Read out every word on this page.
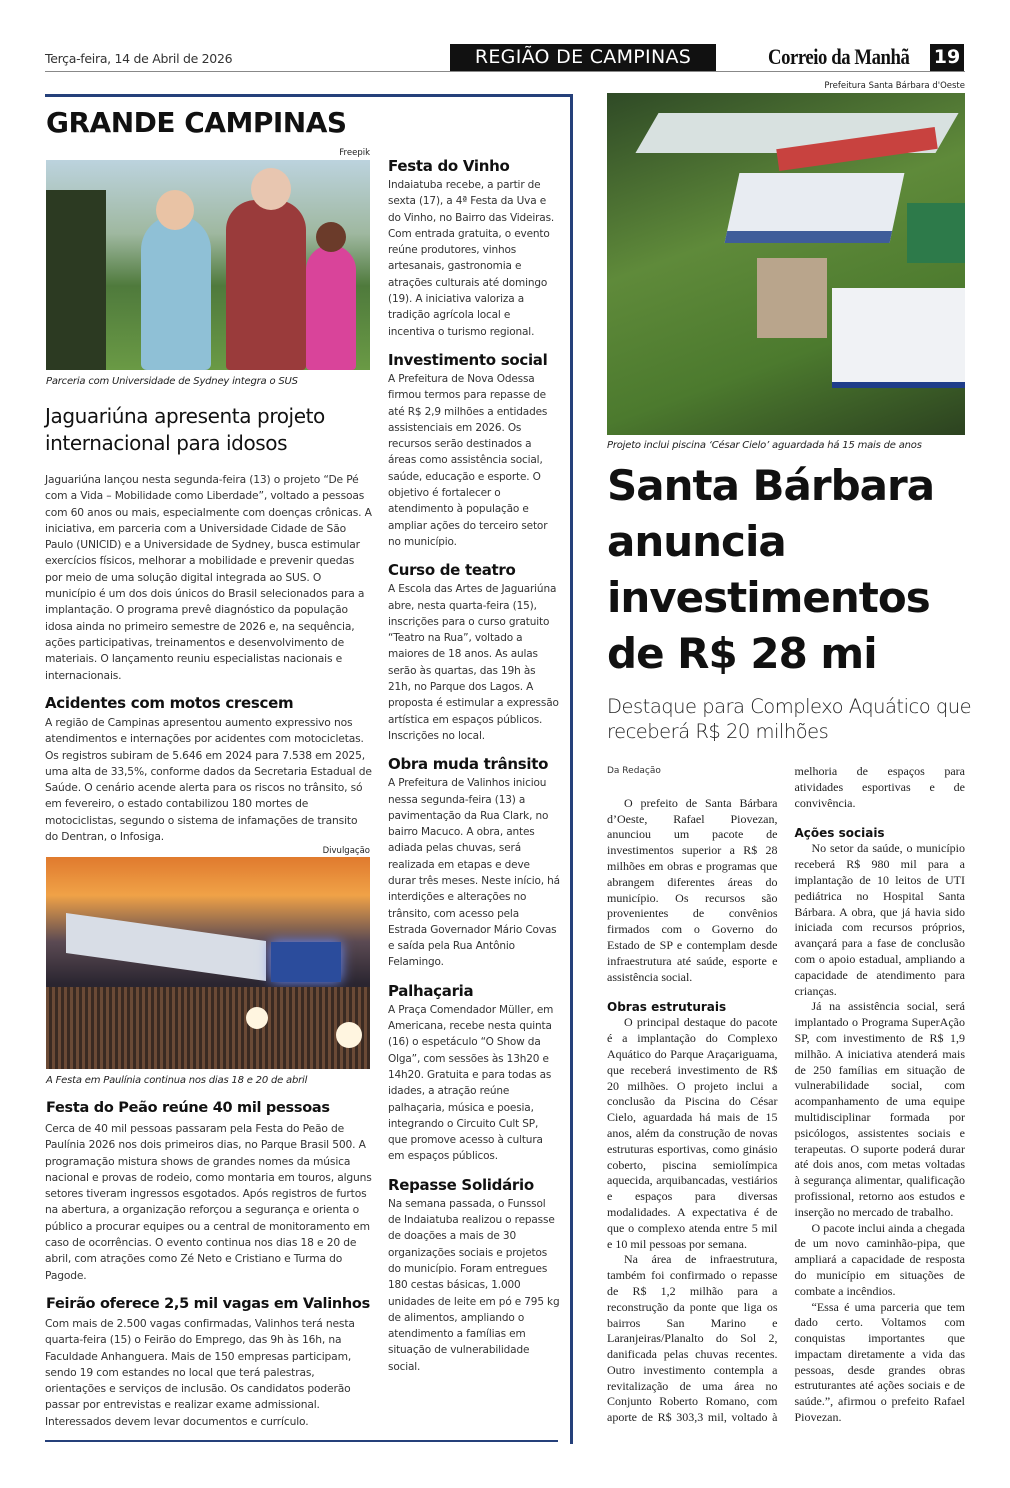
Terça-feira, 14 de Abril de 2026	REGIÃO DE CAMPINAS	Correio da Manhã 19
GRANDE CAMPINAS
Freepik
Parceria com Universidade de Sydney integra o SUS
Jaguariúna apresenta projeto internacional para idosos
Jaguariúna lançou nesta segunda-feira (13) o projeto “De Pé com a Vida – Mobilidade como Liberdade”, voltado a pessoas com 60 anos ou mais, especialmente com doenças crônicas. A iniciativa, em parceria com a Universidade Cidade de São Paulo (UNICID) e a Universidade de Sydney, busca estimular exercícios físicos, melhorar a mobilidade e prevenir quedas por meio de uma solução digital integrada ao SUS. O município é um dos dois únicos do Brasil selecionados para a implantação. O programa prevê diagnóstico da população idosa ainda no primeiro semestre de 2026 e, na sequência, ações participativas, treinamentos e desenvolvimento de materiais. O lançamento reuniu especialistas nacionais e internacionais.
Acidentes com motos crescem
A região de Campinas apresentou aumento expressivo nos atendimentos e internações por acidentes com motocicletas. Os registros subiram de 5.646 em 2024 para 7.538 em 2025, uma alta de 33,5%, conforme dados da Secretaria Estadual de Saúde. O cenário acende alerta para os riscos no trânsito, só em fevereiro, o estado contabilizou 180 mortes de motociclistas, segundo o sistema de infamações de transito do Dentran, o Infosiga.
Divulgação
A Festa em Paulínia continua nos dias 18 e 20 de abril
Festa do Peão reúne 40 mil pessoas
Cerca de 40 mil pessoas passaram pela Festa do Peão de Paulínia 2026 nos dois primeiros dias, no Parque Brasil 500. A programação mistura shows de grandes nomes da música nacional e provas de rodeio, como montaria em touros, alguns setores tiveram ingressos esgotados. Após registros de furtos na abertura, a organização reforçou a segurança e orienta o público a procurar equipes ou a central de monitoramento em caso de ocorrências. O evento continua nos dias 18 e 20 de abril, com atrações como Zé Neto e Cristiano e Turma do Pagode.
Feirão oferece 2,5 mil vagas em Valinhos
Com mais de 2.500 vagas confirmadas, Valinhos terá nesta quarta-feira (15) o Feirão do Emprego, das 9h às 16h, na Faculdade Anhanguera. Mais de 150 empresas participam, sendo 19 com estandes no local que terá palestras, orientações e serviços de inclusão. Os candidatos poderão passar por entrevistas e realizar exame admissional. Interessados devem levar documentos e currículo.
Festa do Vinho
Indaiatuba recebe, a partir de sexta (17), a 4ª Festa da Uva e do Vinho, no Bairro das Videiras. Com entrada gratuita, o evento reúne produtores, vinhos artesanais, gastronomia e atrações culturais até domingo (19). A iniciativa valoriza a tradição agrícola local e incentiva o turismo regional.
Investimento social
A Prefeitura de Nova Odessa firmou termos para repasse de até R$ 2,9 milhões a entidades assistenciais em 2026. Os recursos serão destinados a áreas como assistência social, saúde, educação e esporte. O objetivo é fortalecer o atendimento à população e ampliar ações do terceiro setor no município.
Curso de teatro
A Escola das Artes de Jaguariúna abre, nesta quarta-feira (15), inscrições para o curso gratuito “Teatro na Rua”, voltado a maiores de 18 anos. As aulas serão às quartas, das 19h às 21h, no Parque dos Lagos. A proposta é estimular a expressão artística em espaços públicos. Inscrições no local.
Obra muda trânsito
A Prefeitura de Valinhos iniciou nessa segunda-feira (13) a pavimentação da Rua Clark, no bairro Macuco. A obra, antes adiada pelas chuvas, será realizada em etapas e deve durar três meses. Neste início, há interdições e alterações no trânsito, com acesso pela Estrada Governador Mário Covas e saída pela Rua Antônio Felamingo.
Palhaçaria
A Praça Comendador Müller, em Americana, recebe nesta quinta (16) o espetáculo “O Show da Olga”, com sessões às 13h20 e 14h20. Gratuita e para todas as idades, a atração reúne palhaçaria, música e poesia, integrando o Circuito Cult SP, que promove acesso à cultura em espaços públicos.
Repasse Solidário
Na semana passada, o Funssol de Indaiatuba realizou o repasse de doações a mais de 30 organizações sociais e projetos do município. Foram entregues 180 cestas básicas, 1.000 unidades de leite em pó e 795 kg de alimentos, ampliando o atendimento a famílias em situação de vulnerabilidade social.
Prefeitura Santa Bárbara d'Oeste
Projeto inclui piscina ‘César Cielo’ aguardada há 15 mais de anos
Santa Bárbara anuncia investimentos de R$ 28 mi
Destaque para Complexo Aquático que receberá R$ 20 milhões
Da Redação

O prefeito de Santa Bárbara d’Oeste, Rafael Piovezan, anunciou um pacote de investimentos superior a R$ 28 milhões em obras e programas que abrangem diferentes áreas do município. Os recursos são provenientes de convênios firmados com o Governo do Estado de SP e contemplam desde infraestrutura até saúde, esporte e assistência social.

Obras estruturais

O principal destaque do pacote é a implantação do Complexo Aquático do Parque Araçariguama, que receberá investimento de R$ 20 milhões. O projeto inclui a conclusão da Piscina do César Cielo, aguardada há mais de 15 anos, além da construção de novas estruturas esportivas, como ginásio coberto, piscina semiolímpica aquecida, arquibancadas, vestiários e espaços para diversas modalidades. A expectativa é de que o complexo atenda entre 5 mil e 10 mil pessoas por semana.

Na área de infraestrutura, também foi confirmado o repasse de R$ 1,2 milhão para a reconstrução da ponte que liga os bairros San Marino e Laranjeiras/Planalto do Sol 2, danificada pelas chuvas recentes. Outro investimento contempla a revitalização de uma área no Conjunto Roberto Romano, com aporte de R$ 303,3 mil, voltado à melhoria de espaços para atividades esportivas e de convivência.

Ações sociais

No setor da saúde, o município receberá R$ 980 mil para a implantação de 10 leitos de UTI pediátrica no Hospital Santa Bárbara. A obra, que já havia sido iniciada com recursos próprios, avançará para a fase de conclusão com o apoio estadual, ampliando a capacidade de atendimento para crianças.

Já na assistência social, será implantado o Programa SuperAção SP, com investimento de R$ 1,9 milhão. A iniciativa atenderá mais de 250 famílias em situação de vulnerabilidade social, com acompanhamento de uma equipe multidisciplinar formada por psicólogos, assistentes sociais e terapeutas. O suporte poderá durar até dois anos, com metas voltadas à segurança alimentar, qualificação profissional, retorno aos estudos e inserção no mercado de trabalho.

O pacote inclui ainda a chegada de um novo caminhão-pipa, que ampliará a capacidade de resposta do município em situações de combate a incêndios.

“Essa é uma parceria que tem dado certo. Voltamos com conquistas importantes que impactam diretamente a vida das pessoas, desde grandes obras estruturantes até ações sociais e de saúde.”, afirmou o prefeito Rafael Piovezan.
